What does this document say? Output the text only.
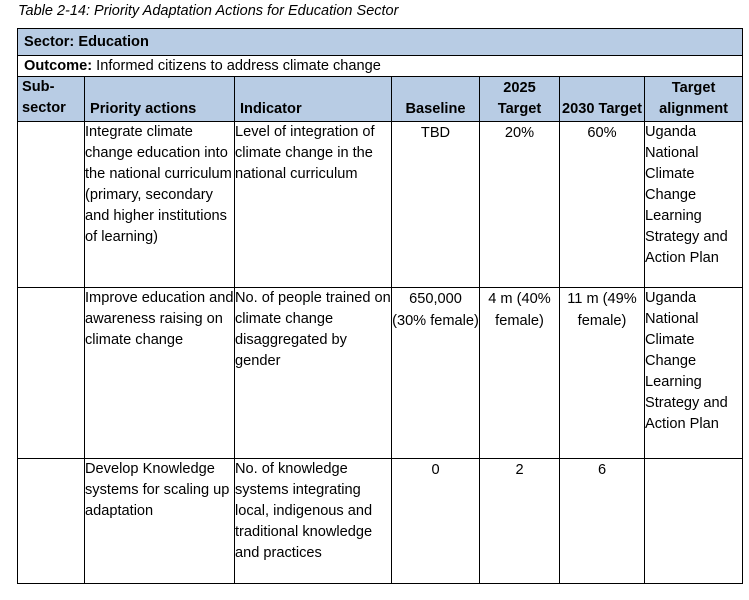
Table 2-14: Priority Adaptation Actions for Education Sector
Sector: Education						
Outcome: Informed citizens to address climate change						
Sub-sector	Priority actions	Indicator	Baseline	2025 Target	2030 Target	Target alignment
	Integrate climate change education into the national curriculum (primary, secondary and higher institutions of learning)	Level of integration of climate change in the national curriculum	TBD	20%	60%	Uganda National Climate Change Learning Strategy and Action Plan
	Improve education and awareness raising on climate change	No. of people trained on climate change disaggregated by gender	650,000 (30% female)	4 m (40% female)	11 m (49% female)	Uganda National Climate Change Learning Strategy and Action Plan
	Develop Knowledge systems for scaling up adaptation	No. of knowledge systems integrating local, indigenous and traditional knowledge and practices	0	2	6	
